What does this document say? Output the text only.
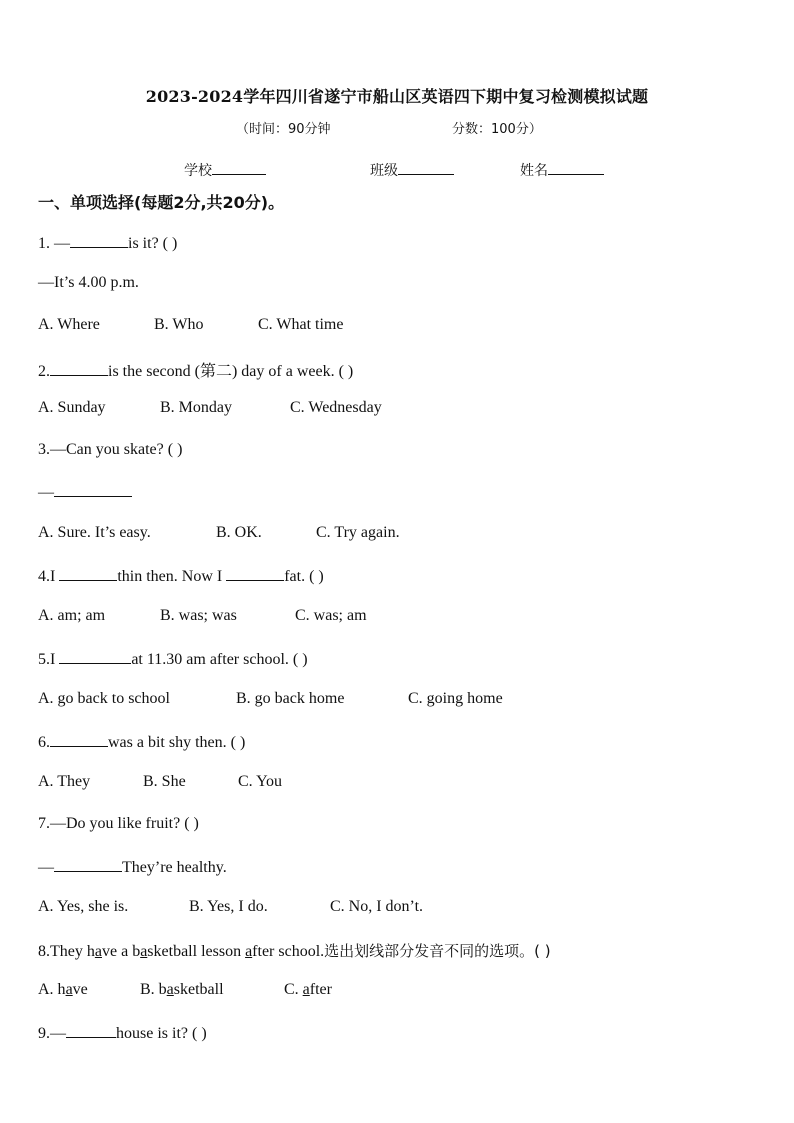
2023-2024学年四川省遂宁市船山区英语四下期中复习检测模拟试题
（时间：90分钟	分数：100分）
学校	班级	姓名
一、单项选择(每题2分,共20分)。
1. —	is it? ( )
—It’s 4.00 p.m.
A. Where	B. Who	C. What time
2.	is the second (第二) day of a week. ( )
A. Sunday	B. Monday	C. Wednesday
3.—Can you skate? ( )
—
A. Sure. It’s easy.	B. OK.	C. Try again.
4.I	thin then. Now I	fat. ( )
A. am; am	B. was; was	C. was; am
5.I	at 11.30 am after school. ( )
A. go back to school	B. go back home	C. going home
6.	was a bit shy then. ( )
A. They	B. She	C. You
7.—Do you like fruit? ( )
—	They’re healthy.
A. Yes, she is.	B. Yes, I do.	C. No, I don’t.
8.They have a basketball lesson after school.选出划线部分发音不同的选项。( )
A. have	B. basketball	C. after
9.—	house is it? ( )
